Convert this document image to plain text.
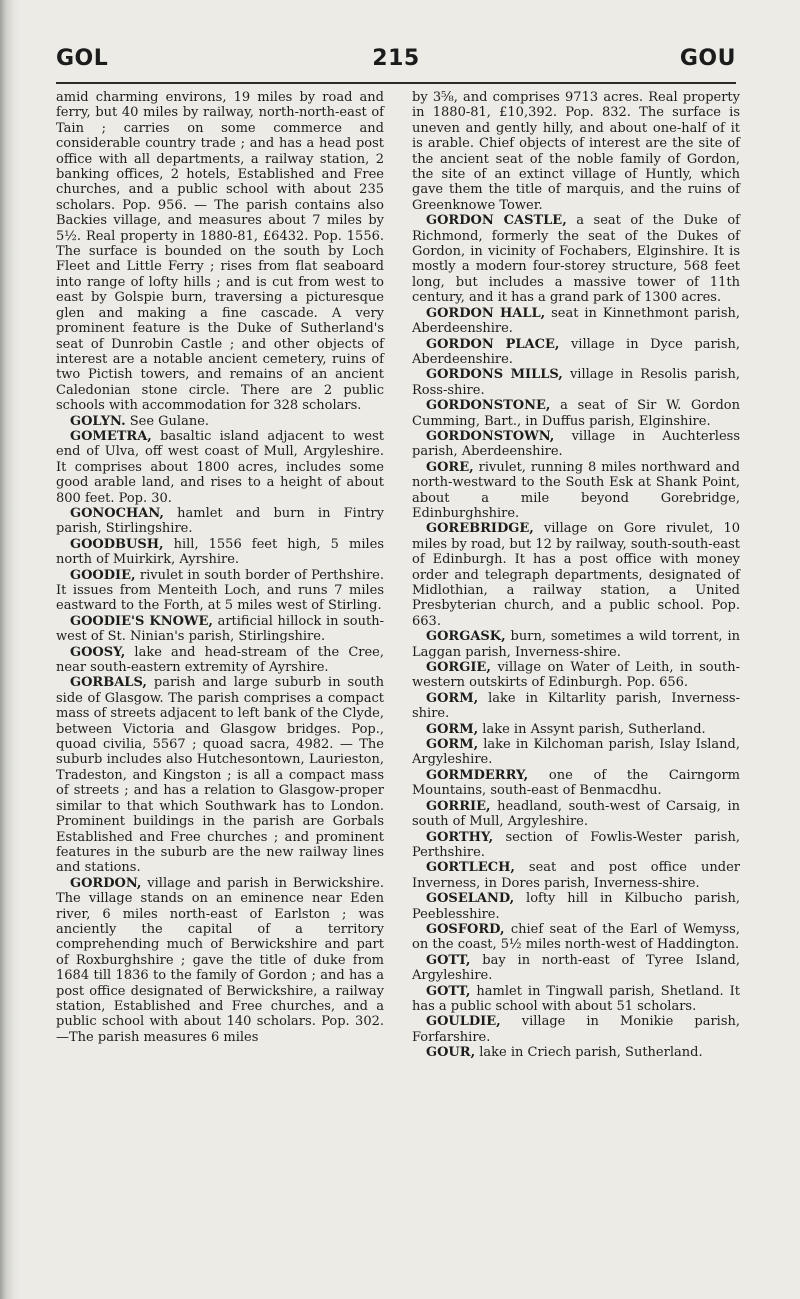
GOL	215	GOU

amid charming environs, 19 miles by road and ferry, but 40 miles by railway, north-north-east of Tain ; carries on some commerce and considerable country trade ; and has a head post office with all departments, a railway station, 2 banking offices, 2 hotels, Established and Free churches, and a public school with about 235 scholars. Pop. 956. — The parish contains also Backies village, and measures about 7 miles by 5½. Real property in 1880-81, £6432. Pop. 1556. The surface is bounded on the south by Loch Fleet and Little Ferry ; rises from flat seaboard into range of lofty hills ; and is cut from west to east by Golspie burn, traversing a picturesque glen and making a fine cascade. A very prominent feature is the Duke of Sutherland's seat of Dunrobin Castle ; and other objects of interest are a notable ancient cemetery, ruins of two Pictish towers, and remains of an ancient Caledonian stone circle. There are 2 public schools with accommodation for 328 scholars.

GOLYN. See Gulane.

GOMETRA, basaltic island adjacent to west end of Ulva, off west coast of Mull, Argyleshire. It comprises about 1800 acres, includes some good arable land, and rises to a height of about 800 feet. Pop. 30.

GONOCHAN, hamlet and burn in Fintry parish, Stirlingshire.

GOODBUSH, hill, 1556 feet high, 5 miles north of Muirkirk, Ayrshire.

GOODIE, rivulet in south border of Perthshire. It issues from Menteith Loch, and runs 7 miles eastward to the Forth, at 5 miles west of Stirling.

GOODIE'S KNOWE, artificial hillock in south-west of St. Ninian's parish, Stirlingshire.

GOOSY, lake and head-stream of the Cree, near south-eastern extremity of Ayrshire.

GORBALS, parish and large suburb in south side of Glasgow. The parish comprises a compact mass of streets adjacent to left bank of the Clyde, between Victoria and Glasgow bridges. Pop., quoad civilia, 5567 ; quoad sacra, 4982. — The suburb includes also Hutchesontown, Laurieston, Tradeston, and Kingston ; is all a compact mass of streets ; and has a relation to Glasgow-proper similar to that which Southwark has to London. Prominent buildings in the parish are Gorbals Established and Free churches ; and prominent features in the suburb are the new railway lines and stations.

GORDON, village and parish in Berwickshire. The village stands on an eminence near Eden river, 6 miles north-east of Earlston ; was anciently the capital of a territory comprehending much of Berwickshire and part of Roxburghshire ; gave the title of duke from 1684 till 1836 to the family of Gordon ; and has a post office designated of Berwickshire, a railway station, Established and Free churches, and a public school with about 140 scholars. Pop. 302.—The parish measures 6 miles

by 3⅝, and comprises 9713 acres. Real property in 1880-81, £10,392. Pop. 832. The surface is uneven and gently hilly, and about one-half of it is arable. Chief objects of interest are the site of the ancient seat of the noble family of Gordon, the site of an extinct village of Huntly, which gave them the title of marquis, and the ruins of Greenknowe Tower.

GORDON CASTLE, a seat of the Duke of Richmond, formerly the seat of the Dukes of Gordon, in vicinity of Fochabers, Elginshire. It is mostly a modern four-storey structure, 568 feet long, but includes a massive tower of 11th century, and it has a grand park of 1300 acres.

GORDON HALL, seat in Kinnethmont parish, Aberdeenshire.

GORDON PLACE, village in Dyce parish, Aberdeenshire.

GORDONS MILLS, village in Resolis parish, Ross-shire.

GORDONSTONE, a seat of Sir W. Gordon Cumming, Bart., in Duffus parish, Elginshire.

GORDONSTOWN, village in Auchterless parish, Aberdeenshire.

GORE, rivulet, running 8 miles northward and north-westward to the South Esk at Shank Point, about a mile beyond Gorebridge, Edinburghshire.

GOREBRIDGE, village on Gore rivulet, 10 miles by road, but 12 by railway, south-south-east of Edinburgh. It has a post office with money order and telegraph departments, designated of Midlothian, a railway station, a United Presbyterian church, and a public school. Pop. 663.

GORGASK, burn, sometimes a wild torrent, in Laggan parish, Inverness-shire.

GORGIE, village on Water of Leith, in south-western outskirts of Edinburgh. Pop. 656.

GORM, lake in Kiltarlity parish, Inverness-shire.

GORM, lake in Assynt parish, Sutherland.

GORM, lake in Kilchoman parish, Islay Island, Argyleshire.

GORMDERRY, one of the Cairngorm Mountains, south-east of Benmacdhu.

GORRIE, headland, south-west of Carsaig, in south of Mull, Argyleshire.

GORTHY, section of Fowlis-Wester parish, Perthshire.

GORTLECH, seat and post office under Inverness, in Dores parish, Inverness-shire.

GOSELAND, lofty hill in Kilbucho parish, Peeblesshire.

GOSFORD, chief seat of the Earl of Wemyss, on the coast, 5½ miles north-west of Haddington.

GOTT, bay in north-east of Tyree Island, Argyleshire.

GOTT, hamlet in Tingwall parish, Shetland. It has a public school with about 51 scholars.

GOULDIE, village in Monikie parish, Forfarshire.

GOUR, lake in Criech parish, Sutherland.
